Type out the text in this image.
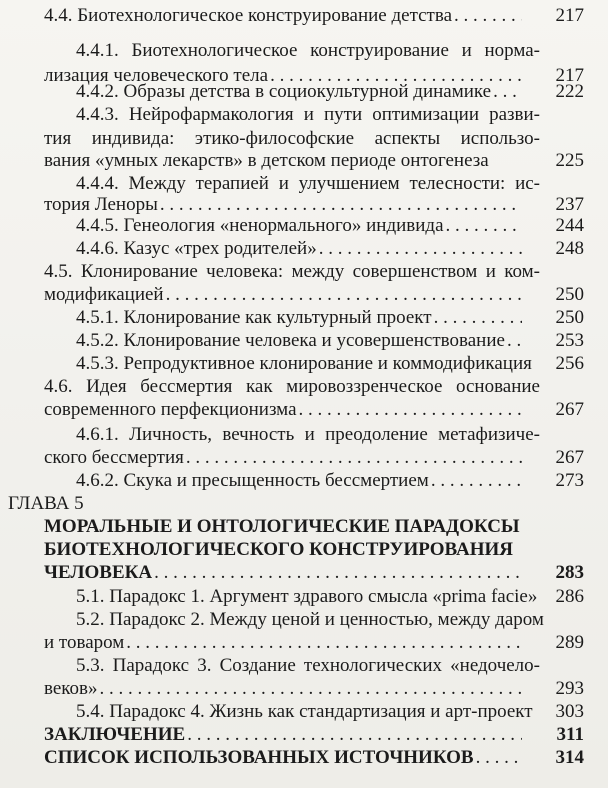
4.4. Биотехнологическое конструирование детства . . .	217
4.4.1. Биотехнологическое конструирование и норма-
лизация человеческого тела . . .	217
4.4.2. Образы детства в социокультурной динамике . . .	222
4.4.3. Нейрофармакология и пути оптимизации разви-
тия индивида: этико-философские аспекты использо-
вания «умных лекарств» в детском периоде онтогенеза	225
4.4.4. Между терапией и улучшением телесности: ис-
тория Леноры . . .	237
4.4.5. Генеология «ненормального» индивида . . .	244
4.4.6. Казус «трех родителей» . . .	248
4.5. Клонирование человека: между совершенством и ком-
модификацией . . .	250
4.5.1. Клонирование как культурный проект . . .	250
4.5.2. Клонирование человека и усовершенствование . . .	253
4.5.3. Репродуктивное клонирование и коммодификация	256
4.6. Идея бессмертия как мировоззренческое основание
современного перфекционизма . . .	267
4.6.1. Личность, вечность и преодоление метафизиче-
ского бессмертия . . .	267
4.6.2. Скука и пресыщенность бессмертием . . .	273
ГЛАВА 5
МОРАЛЬНЫЕ И ОНТОЛОГИЧЕСКИЕ ПАРАДОКСЫ
БИОТЕХНОЛОГИЧЕСКОГО КОНСТРУИРОВАНИЯ
ЧЕЛОВЕКА . . .	283
5.1. Парадокс 1. Аргумент здравого смысла «prima facie» 286
5.2. Парадокс 2. Между ценой и ценностью, между даром
и товаром . . .	289
5.3. Парадокс 3. Создание технологических «недочело-
веков» . . .	293
5.4. Парадокс 4. Жизнь как стандартизация и арт-проект	303
ЗАКЛЮЧЕНИЕ . . .	311
СПИСОК ИСПОЛЬЗОВАННЫХ ИСТОЧНИКОВ . . .	314
